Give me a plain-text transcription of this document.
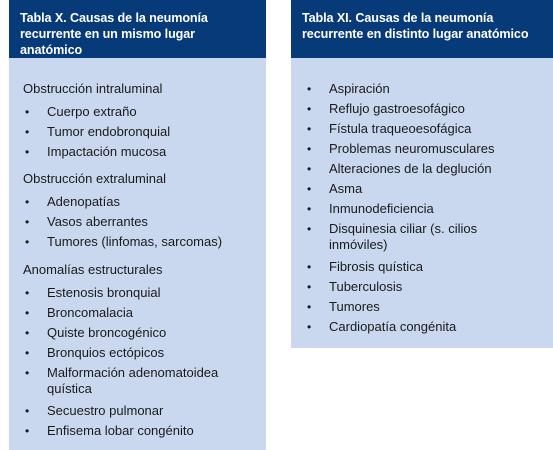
Tabla X. Causas de la neumonía recurrente en un mismo lugar anatómico
Obstrucción intraluminal
• Cuerpo extraño
• Tumor endobronquial
• Impactación mucosa
Obstrucción extraluminal
• Adenopatías
• Vasos aberrantes
• Tumores (linfomas, sarcomas)
Anomalías estructurales
• Estenosis bronquial
• Broncomalacia
• Quiste broncogénico
• Bronquios ectópicos
• Malformación adenomatoidea quística
• Secuestro pulmonar
• Enfisema lobar congénito
Tabla XI. Causas de la neumonía recurrente en distinto lugar anatómico
• Aspiración
• Reflujo gastroesofágico
• Fístula traqueoesofágica
• Problemas neuromusculares
• Alteraciones de la deglución
• Asma
• Inmunodeficiencia
• Disquinesia ciliar (s. cilios inmóviles)
• Fibrosis quística
• Tuberculosis
• Tumores
• Cardiopatía congénita
